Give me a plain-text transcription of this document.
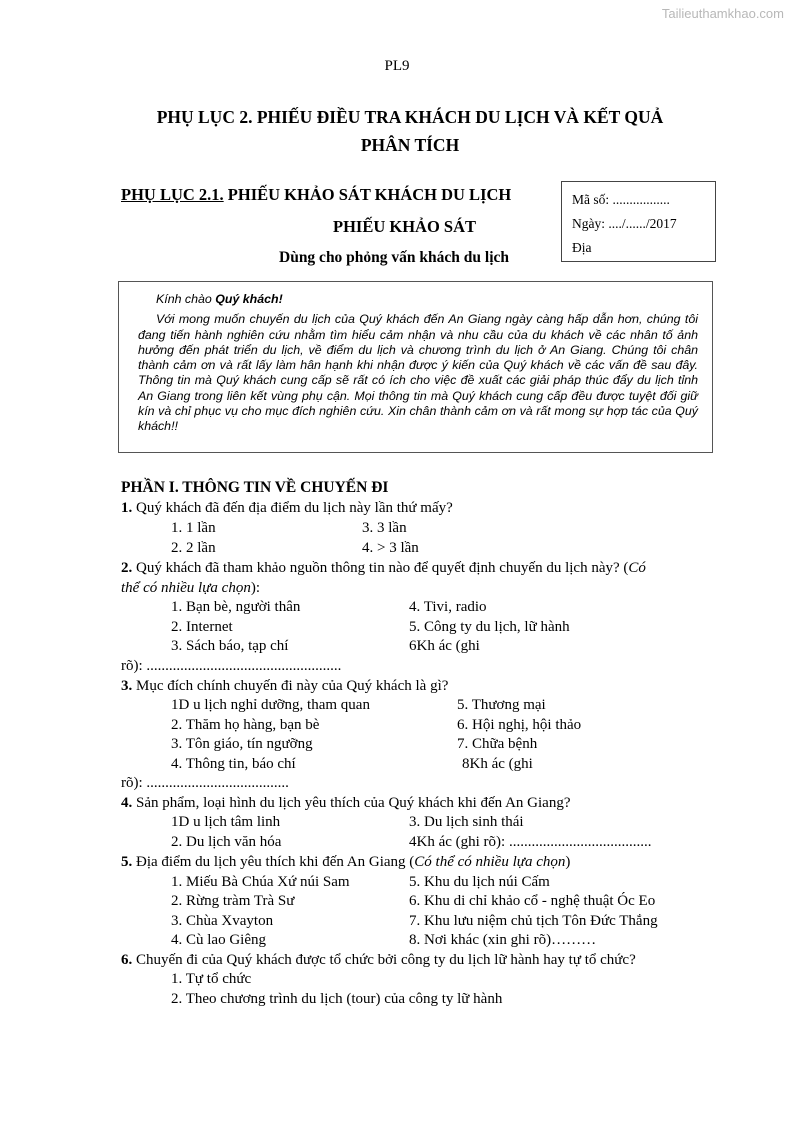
Tailieuthamkhao.com
PL9
PHỤ LỤC 2. PHIẾU ĐIỀU TRA KHÁCH DU LỊCH VÀ KẾT QUẢ
PHÂN TÍCH
PHỤ LỤC 2.1. PHIẾU KHẢO SÁT KHÁCH DU LỊCH
PHIẾU KHẢO SÁT
Dùng cho phỏng vấn khách du lịch
Mã số: .................
Ngày: ..../....../2017
Địa
Kính chào Quý khách!
Với mong muốn chuyến du lịch của Quý khách đến An Giang ngày càng hấp dẫn hơn, chúng tôi đang tiến hành nghiên cứu nhằm tìm hiểu cảm nhận và nhu cầu của du khách về các nhân tố ảnh hưởng đến phát triển du lịch, về điểm du lịch và chương trình du lịch ở An Giang. Chúng tôi chân thành cảm ơn và rất lấy làm hân hạnh khi nhận được ý kiến của Quý khách về các vấn đề sau đây. Thông tin mà Quý khách cung cấp sẽ rất có ích cho việc đề xuất các giải pháp thúc đẩy du lịch tỉnh An Giang trong liên kết vùng phụ cận. Mọi thông tin mà Quý khách cung cấp đều được tuyệt đối giữ kín và chỉ phục vụ cho mục đích nghiên cứu. Xin chân thành cảm ơn và rất mong sự hợp tác của Quý khách!!
PHẦN I. THÔNG TIN VỀ CHUYẾN ĐI
1. Quý khách đã đến địa điểm du lịch này lần thứ mấy?
1. 1 lần	3. 3 lần
2. 2 lần	4. > 3 lần
2. Quý khách đã tham khảo nguồn thông tin nào để quyết định chuyến du lịch này? (Có
thể có nhiều lựa chọn):
1. Bạn bè, người thân	4. Tivi, radio
2. Internet	5. Công ty du lịch, lữ hành
3. Sách báo, tạp chí	6Kh ác (ghi
rõ): ....................................................
3. Mục đích chính chuyến đi này của Quý khách là gì?
1D u lịch nghỉ dưỡng, tham quan	5. Thương mại
2. Thăm họ hàng, bạn bè	6. Hội nghị, hội thảo
3. Tôn giáo, tín ngưỡng	7. Chữa bệnh
4. Thông tin, báo chí	8Kh ác (ghi
rõ): ......................................
4. Sản phẩm, loại hình du lịch yêu thích của Quý khách khi đến An Giang?
1D u lịch tâm linh	3. Du lịch sinh thái
2. Du lịch văn hóa	4Kh ác (ghi rõ): ......................................
5. Địa điểm du lịch yêu thích khi đến An Giang (Có thể có nhiều lựa chọn)
1. Miếu Bà Chúa Xứ núi Sam	5. Khu du lịch núi Cấm
2. Rừng tràm Trà Sư	6. Khu di chỉ khảo cổ - nghệ thuật Óc Eo
3. Chùa Xvayton	7. Khu lưu niệm chủ tịch Tôn Đức Thắng
4. Cù lao Giêng	8. Nơi khác (xin ghi rõ)………
6. Chuyến đi của Quý khách được tổ chức bởi công ty du lịch lữ hành hay tự tổ chức?
1. Tự tổ chức
2. Theo chương trình du lịch (tour) của công ty lữ hành
